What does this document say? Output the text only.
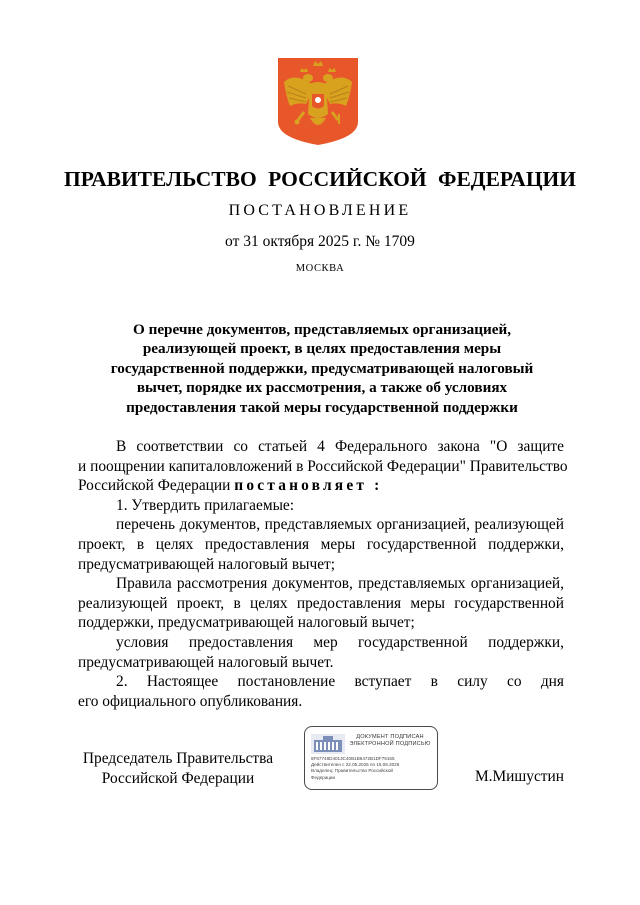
ПРАВИТЕЛЬСТВО РОССИЙСКОЙ ФЕДЕРАЦИИ
ПОСТАНОВЛЕНИЕ
от 31 октября 2025 г. № 1709
МОСКВА
О перечне документов, представляемых организацией,
реализующей проект, в целях предоставления меры
государственной поддержки, предусматривающей налоговый
вычет, порядке их рассмотрения, а также об условиях
предоставления такой меры государственной поддержки
В соответствии со статьей 4 Федерального закона "О защите
и поощрении капиталовложений в Российской Федерации" Правительство
Российской Федерации постановляет :
1. Утвердить прилагаемые:
перечень документов, представляемых организацией, реализующей
проект, в целях предоставления меры государственной поддержки,
предусматривающей налоговый вычет;
Правила рассмотрения документов, представляемых организацией,
реализующей проект, в целях предоставления меры государственной
поддержки, предусматривающей налоговый вычет;
условия предоставления мер государственной поддержки,
предусматривающей налоговый вычет.
2. Настоящее постановление вступает в силу со дня
его официального опубликования.
Председатель Правительства
Российской Федерации
ДОКУМЕНТ ПОДПИСАН
ЭЛЕКТРОННОЙ ПОДПИСЬЮ
6F67748D4013C40B1B6472B1DF79155
Действителен с 22.05.2025 по 15.08.2026
Владелец: Правительство Российской
Федерации	М.Мишустин
